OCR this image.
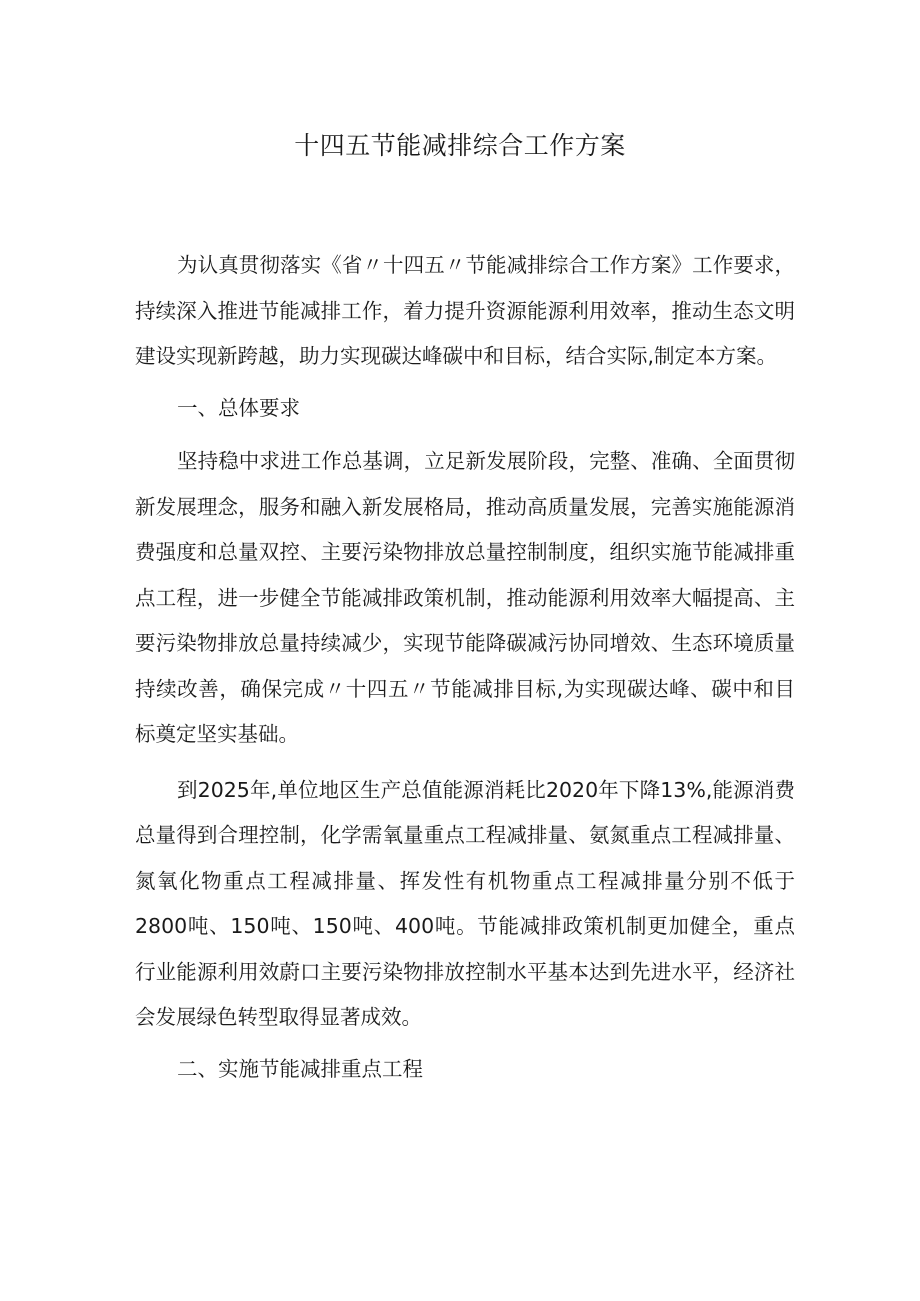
十四五节能减排综合工作方案

为认真贯彻落实《省〃十四五〃节能减排综合工作方案》工作要求，持续深入推进节能减排工作，着力提升资源能源利用效率，推动生态文明建设实现新跨越，助力实现碳达峰碳中和目标，结合实际,制定本方案。

一、总体要求

坚持稳中求进工作总基调，立足新发展阶段，完整、准确、全面贯彻新发展理念，服务和融入新发展格局，推动高质量发展，完善实施能源消费强度和总量双控、主要污染物排放总量控制制度，组织实施节能减排重点工程，进一步健全节能减排政策机制，推动能源利用效率大幅提高、主要污染物排放总量持续减少，实现节能降碳减污协同增效、生态环境质量持续改善，确保完成〃十四五〃节能减排目标,为实现碳达峰、碳中和目标奠定坚实基础。

到2025年,单位地区生产总值能源消耗比2020年下降13%,能源消费总量得到合理控制，化学需氧量重点工程减排量、氨氮重点工程减排量、氮氧化物重点工程减排量、挥发性有机物重点工程减排量分别不低于2800吨、150吨、150吨、400吨。节能减排政策机制更加健全，重点行业能源利用效蔚口主要污染物排放控制水平基本达到先进水平，经济社会发展绿色转型取得显著成效。

二、实施节能减排重点工程
